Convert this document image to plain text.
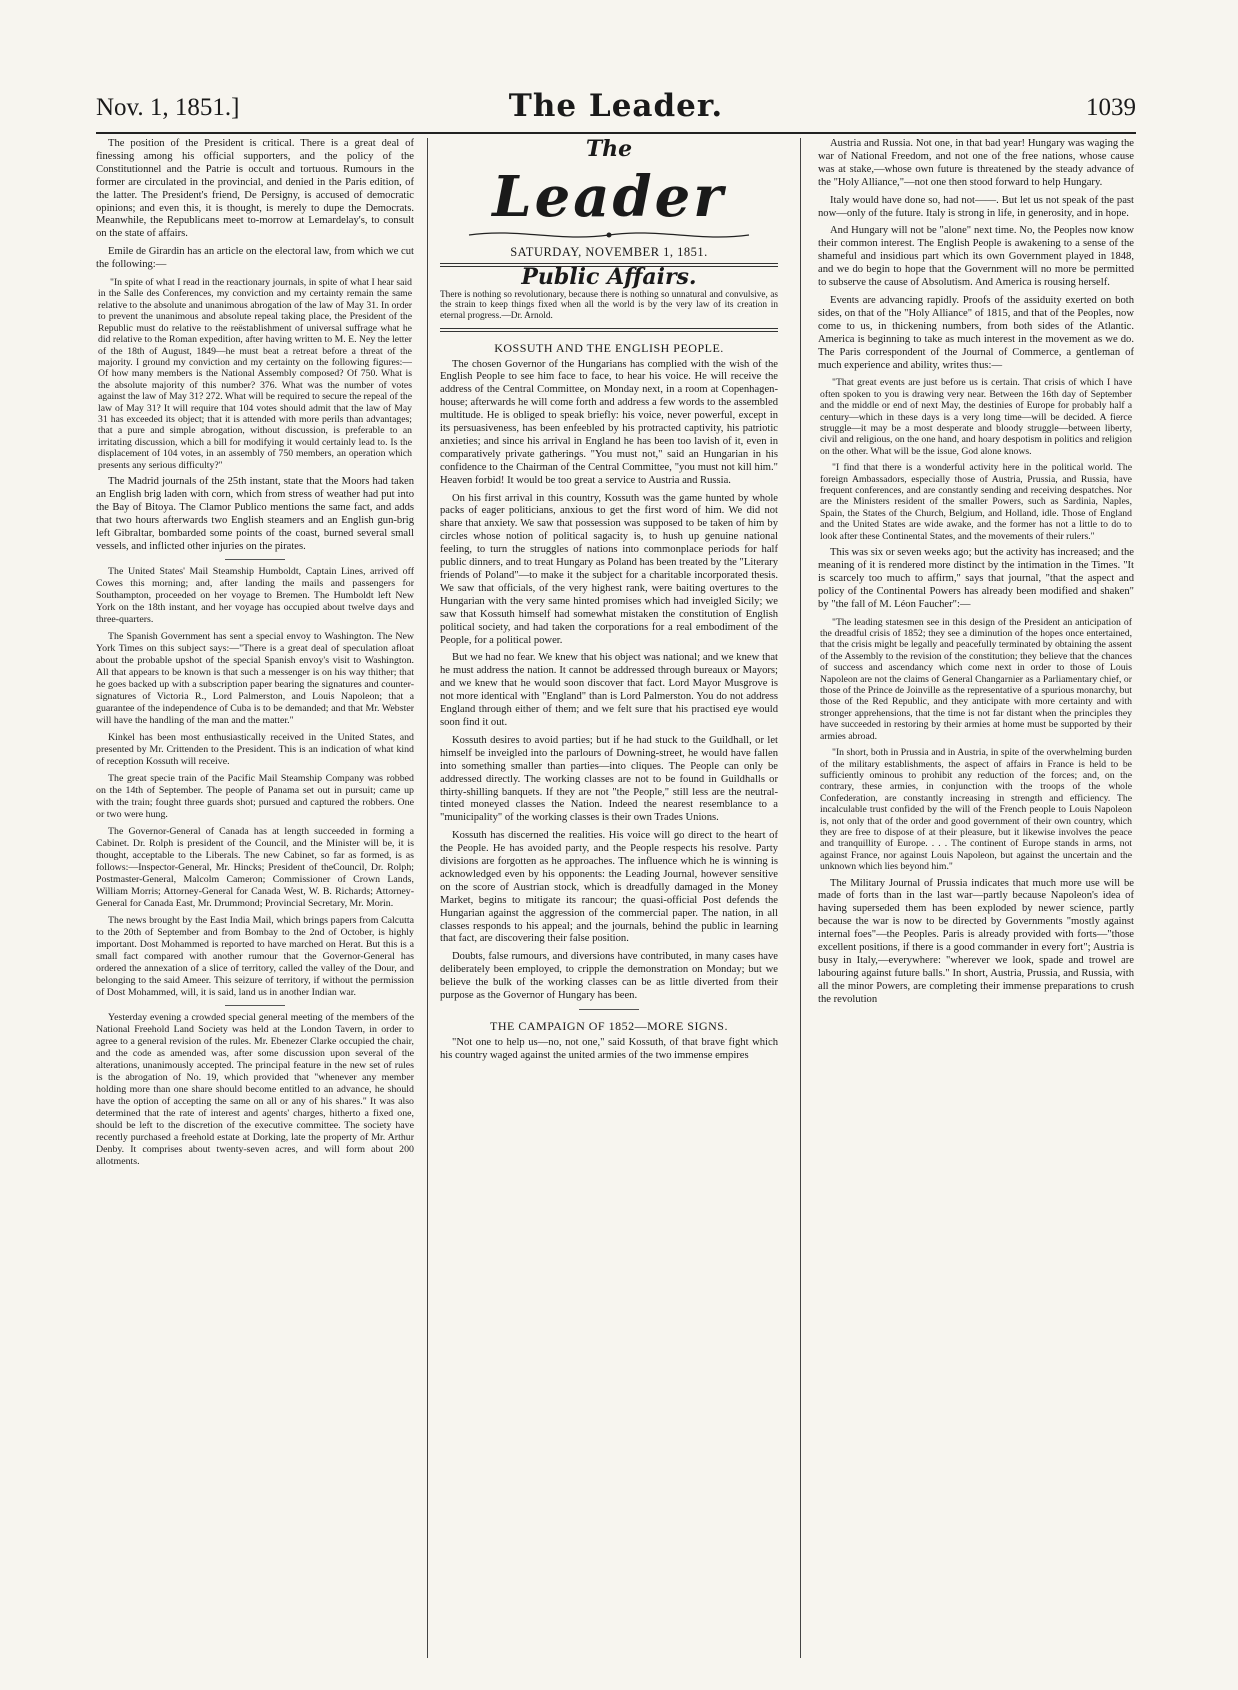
Nov. 1, 1851.]	The Leader.	1039

The position of the President is critical. There is a great deal of finessing among his official supporters, and the policy of the Constitutionnel and the Patrie is occult and tortuous. Rumours in the former are circulated in the provincial, and denied in the Paris edition, of the latter. The President's friend, De Persigny, is accused of democratic opinions; and even this, it is thought, is merely to dupe the Democrats. Meanwhile, the Republicans meet to-morrow at Lemardelay's, to consult on the state of affairs.

Emile de Girardin has an article on the electoral law, from which we cut the following:—

"In spite of what I read in the reactionary journals, in spite of what I hear said in the Salle des Conferences, my conviction and my certainty remain the same relative to the absolute and unanimous abrogation of the law of May 31. In order to prevent the unanimous and absolute repeal taking place, the President of the Republic must do relative to the reëstablishment of universal suffrage what he did relative to the Roman expedition, after having written to M. E. Ney the letter of the 18th of August, 1849—he must beat a retreat before a threat of the majority. I ground my conviction and my certainty on the following figures:—Of how many members is the National Assembly composed? Of 750. What is the absolute majority of this number? 376. What was the number of votes against the law of May 31? 272. What will be required to secure the repeal of the law of May 31? It will require that 104 votes should admit that the law of May 31 has exceeded its object; that it is attended with more perils than advantages; that a pure and simple abrogation, without discussion, is preferable to an irritating discussion, which a bill for modifying it would certainly lead to. Is the displacement of 104 votes, in an assembly of 750 members, an operation which presents any serious difficulty?"

The Madrid journals of the 25th instant, state that the Moors had taken an English brig laden with corn, which from stress of weather had put into the Bay of Bitoya. The Clamor Publico mentions the same fact, and adds that two hours afterwards two English steamers and an English gun-brig left Gibraltar, bombarded some points of the coast, burned several small vessels, and inflicted other injuries on the pirates.

The United States' Mail Steamship Humboldt, Captain Lines, arrived off Cowes this morning; and, after landing the mails and passengers for Southampton, proceeded on her voyage to Bremen. The Humboldt left New York on the 18th instant, and her voyage has occupied about twelve days and three-quarters.

The Spanish Government has sent a special envoy to Washington. The New York Times on this subject says:—"There is a great deal of speculation afloat about the probable upshot of the special Spanish envoy's visit to Washington. All that appears to be known is that such a messenger is on his way thither; that he goes backed up with a subscription paper bearing the signatures and counter-signatures of Victoria R., Lord Palmerston, and Louis Napoleon; that a guarantee of the independence of Cuba is to be demanded; and that Mr. Webster will have the handling of the man and the matter."

Kinkel has been most enthusiastically received in the United States, and presented by Mr. Crittenden to the President. This is an indication of what kind of reception Kossuth will receive.

The great specie train of the Pacific Mail Steamship Company was robbed on the 14th of September. The people of Panama set out in pursuit; came up with the train; fought three guards shot; pursued and captured the robbers. One or two were hung.

The Governor-General of Canada has at length succeeded in forming a Cabinet. Dr. Rolph is president of the Council, and the Minister will be, it is thought, acceptable to the Liberals. The new Cabinet, so far as formed, is as follows:—Inspector-General, Mr. Hincks; President of theCouncil, Dr. Rolph; Postmaster-General, Malcolm Cameron; Commissioner of Crown Lands, William Morris; Attorney-General for Canada West, W. B. Richards; Attorney-General for Canada East, Mr. Drummond; Provincial Secretary, Mr. Morin.

The news brought by the East India Mail, which brings papers from Calcutta to the 20th of September and from Bombay to the 2nd of October, is highly important. Dost Mohammed is reported to have marched on Herat. But this is a small fact compared with another rumour that the Governor-General has ordered the annexation of a slice of territory, called the valley of the Dour, and belonging to the said Ameer. This seizure of territory, if without the permission of Dost Mohammed, will, it is said, land us in another Indian war.

Yesterday evening a crowded special general meeting of the members of the National Freehold Land Society was held at the London Tavern, in order to agree to a general revision of the rules. Mr. Ebenezer Clarke occupied the chair, and the code as amended was, after some discussion upon several of the alterations, unanimously accepted. The principal feature in the new set of rules is the abrogation of No. 19, which provided that "whenever any member holding more than one share should become entitled to an advance, he should have the option of accepting the same on all or any of his shares." It was also determined that the rate of interest and agents' charges, hitherto a fixed one, should be left to the discretion of the executive committee. The society have recently purchased a freehold estate at Dorking, late the property of Mr. Arthur Denby. It comprises about twenty-seven acres, and will form about 200 allotments.

The
Leader
SATURDAY, NOVEMBER 1, 1851.
Public Affairs.
There is nothing so revolutionary, because there is nothing so unnatural and convulsive, as the strain to keep things fixed when all the world is by the very law of its creation in eternal progress.—Dr. Arnold.
KOSSUTH AND THE ENGLISH PEOPLE.

The chosen Governor of the Hungarians has complied with the wish of the English People to see him face to face, to hear his voice. He will receive the address of the Central Committee, on Monday next, in a room at Copenhagen-house; afterwards he will come forth and address a few words to the assembled multitude. He is obliged to speak briefly: his voice, never powerful, except in its persuasiveness, has been enfeebled by his protracted captivity, his patriotic anxieties; and since his arrival in England he has been too lavish of it, even in comparatively private gatherings. "You must not," said an Hungarian in his confidence to the Chairman of the Central Committee, "you must not kill him." Heaven forbid! It would be too great a service to Austria and Russia.

On his first arrival in this country, Kossuth was the game hunted by whole packs of eager politicians, anxious to get the first word of him. We did not share that anxiety. We saw that possession was supposed to be taken of him by circles whose notion of political sagacity is, to hush up genuine national feeling, to turn the struggles of nations into commonplace periods for half public dinners, and to treat Hungary as Poland has been treated by the "Literary friends of Poland"—to make it the subject for a charitable incorporated thesis. We saw that officials, of the very highest rank, were baiting overtures to the Hungarian with the very same hinted promises which had inveigled Sicily; we saw that Kossuth himself had somewhat mistaken the constitution of English political society, and had taken the corporations for a real embodiment of the People, for a political power.

But we had no fear. We knew that his object was national; and we knew that he must address the nation. It cannot be addressed through bureaux or Mayors; and we knew that he would soon discover that fact. Lord Mayor Musgrove is not more identical with "England" than is Lord Palmerston. You do not address England through either of them; and we felt sure that his practised eye would soon find it out.

Kossuth desires to avoid parties; but if he had stuck to the Guildhall, or let himself be inveigled into the parlours of Downing-street, he would have fallen into something smaller than parties—into cliques. The People can only be addressed directly. The working classes are not to be found in Guildhalls or thirty-shilling banquets. If they are not "the People," still less are the neutral-tinted moneyed classes the Nation. Indeed the nearest resemblance to a "municipality" of the working classes is their own Trades Unions.

Kossuth has discerned the realities. His voice will go direct to the heart of the People. He has avoided party, and the People respects his resolve. Party divisions are forgotten as he approaches. The influence which he is winning is acknowledged even by his opponents: the Leading Journal, however sensitive on the score of Austrian stock, which is dreadfully damaged in the Money Market, begins to mitigate its rancour; the quasi-official Post defends the Hungarian against the aggression of the commercial paper. The nation, in all classes responds to his appeal; and the journals, behind the public in learning that fact, are discovering their false position.

Doubts, false rumours, and diversions have contributed, in many cases have deliberately been employed, to cripple the demonstration on Monday; but we believe the bulk of the working classes can be as little diverted from their purpose as the Governor of Hungary has been.

THE CAMPAIGN OF 1852—MORE SIGNS.

"Not one to help us—no, not one," said Kossuth, of that brave fight which his country waged against the united armies of the two immense empires

Austria and Russia. Not one, in that bad year! Hungary was waging the war of National Freedom, and not one of the free nations, whose cause was at stake,—whose own future is threatened by the steady advance of the "Holy Alliance,"—not one then stood forward to help Hungary.

Italy would have done so, had not——. But let us not speak of the past now—only of the future. Italy is strong in life, in generosity, and in hope.

And Hungary will not be "alone" next time. No, the Peoples now know their common interest. The English People is awakening to a sense of the shameful and insidious part which its own Government played in 1848, and we do begin to hope that the Government will no more be permitted to subserve the cause of Absolutism. And America is rousing herself.

Events are advancing rapidly. Proofs of the assiduity exerted on both sides, on that of the "Holy Alliance" of 1815, and that of the Peoples, now come to us, in thickening numbers, from both sides of the Atlantic. America is beginning to take as much interest in the movement as we do. The Paris correspondent of the Journal of Commerce, a gentleman of much experience and ability, writes thus:—

"That great events are just before us is certain. That crisis of which I have often spoken to you is drawing very near. Between the 16th day of September and the middle or end of next May, the destinies of Europe for probably half a century—which in these days is a very long time—will be decided. A fierce struggle—it may be a most desperate and bloody struggle—between liberty, civil and religious, on the one hand, and hoary despotism in politics and religion on the other. What will be the issue, God alone knows.

"I find that there is a wonderful activity here in the political world. The foreign Ambassadors, especially those of Austria, Prussia, and Russia, have frequent conferences, and are constantly sending and receiving despatches. Nor are the Ministers resident of the smaller Powers, such as Sardinia, Naples, Spain, the States of the Church, Belgium, and Holland, idle. Those of England and the United States are wide awake, and the former has not a little to do to look after these Continental States, and the movements of their rulers."

This was six or seven weeks ago; but the activity has increased; and the meaning of it is rendered more distinct by the intimation in the Times. "It is scarcely too much to affirm," says that journal, "that the aspect and policy of the Continental Powers has already been modified and shaken" by "the fall of M. Léon Faucher":—

"The leading statesmen see in this design of the President an anticipation of the dreadful crisis of 1852; they see a diminution of the hopes once entertained, that the crisis might be legally and peacefully terminated by obtaining the assent of the Assembly to the revision of the constitution; they believe that the chances of success and ascendancy which come next in order to those of Louis Napoleon are not the claims of General Changarnier as a Parliamentary chief, or those of the Prince de Joinville as the representative of a spurious monarchy, but those of the Red Republic, and they anticipate with more certainty and with stronger apprehensions, that the time is not far distant when the principles they have succeeded in restoring by their armies at home must be supported by their armies abroad.

"In short, both in Prussia and in Austria, in spite of the overwhelming burden of the military establishments, the aspect of affairs in France is held to be sufficiently ominous to prohibit any reduction of the forces; and, on the contrary, these armies, in conjunction with the troops of the whole Confederation, are constantly increasing in strength and efficiency. The incalculable trust confided by the will of the French people to Louis Napoleon is, not only that of the order and good government of their own country, which they are free to dispose of at their pleasure, but it likewise involves the peace and tranquillity of Europe. . . . The continent of Europe stands in arms, not against France, nor against Louis Napoleon, but against the uncertain and the unknown which lies beyond him."

The Military Journal of Prussia indicates that much more use will be made of forts than in the last war—partly because Napoleon's idea of having superseded them has been exploded by newer science, partly because the war is now to be directed by Governments "mostly against internal foes"—the Peoples. Paris is already provided with forts—"those excellent positions, if there is a good commander in every fort"; Austria is busy in Italy,—everywhere: "wherever we look, spade and trowel are labouring against future balls." In short, Austria, Prussia, and Russia, with all the minor Powers, are completing their immense preparations to crush the revolution
